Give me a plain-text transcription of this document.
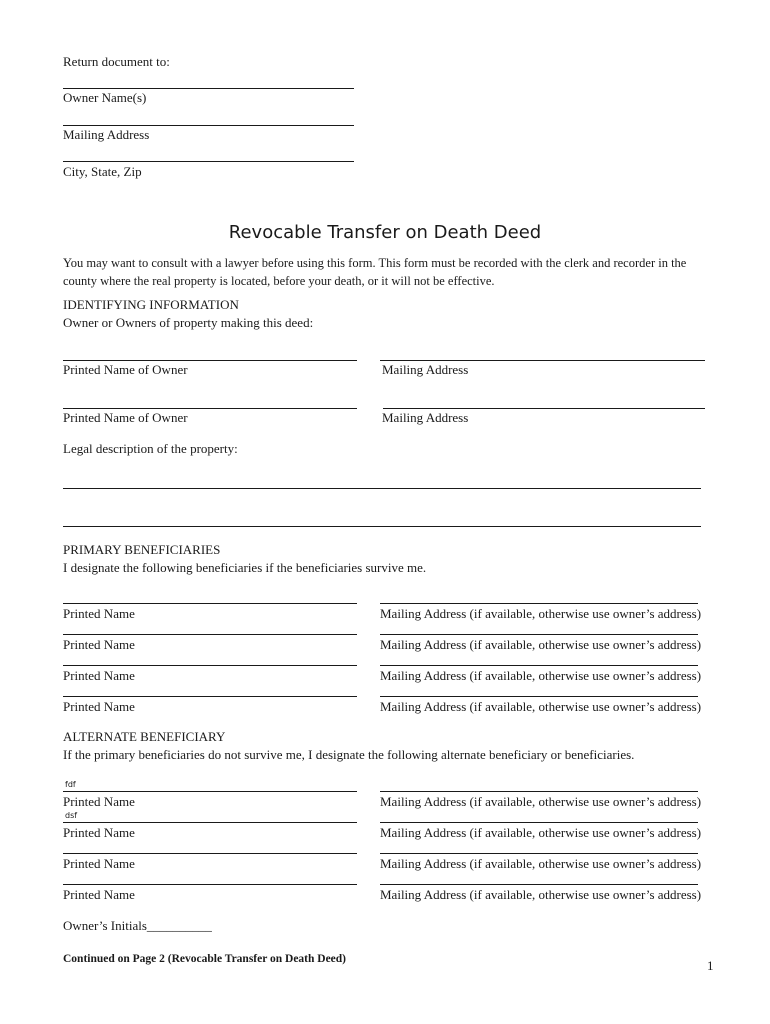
Return document to:
Owner Name(s)
Mailing Address
City, State, Zip
Revocable Transfer on Death Deed
You may want to consult with a lawyer before using this form. This form must be recorded with the clerk and recorder in the county where the real property is located, before your death, or it will not be effective.
IDENTIFYING INFORMATION
Owner or Owners of property making this deed:
Printed Name of Owner	Mailing Address
Printed Name of Owner	Mailing Address
Legal description of the property:
PRIMARY BENEFICIARIES
I designate the following beneficiaries if the beneficiaries survive me.
Printed Name	Mailing Address (if available, otherwise use owner’s address)
Printed Name	Mailing Address (if available, otherwise use owner’s address)
Printed Name	Mailing Address (if available, otherwise use owner’s address)
Printed Name	Mailing Address (if available, otherwise use owner’s address)
ALTERNATE BENEFICIARY
If the primary beneficiaries do not survive me, I designate the following alternate beneficiary or beneficiaries.
fdf
Printed Name	Mailing Address (if available, otherwise use owner’s address)
dsf
Printed Name	Mailing Address (if available, otherwise use owner’s address)
Printed Name	Mailing Address (if available, otherwise use owner’s address)
Printed Name	Mailing Address (if available, otherwise use owner’s address)
Owner’s Initials__________
Continued on Page 2 (Revocable Transfer on Death Deed)	1
